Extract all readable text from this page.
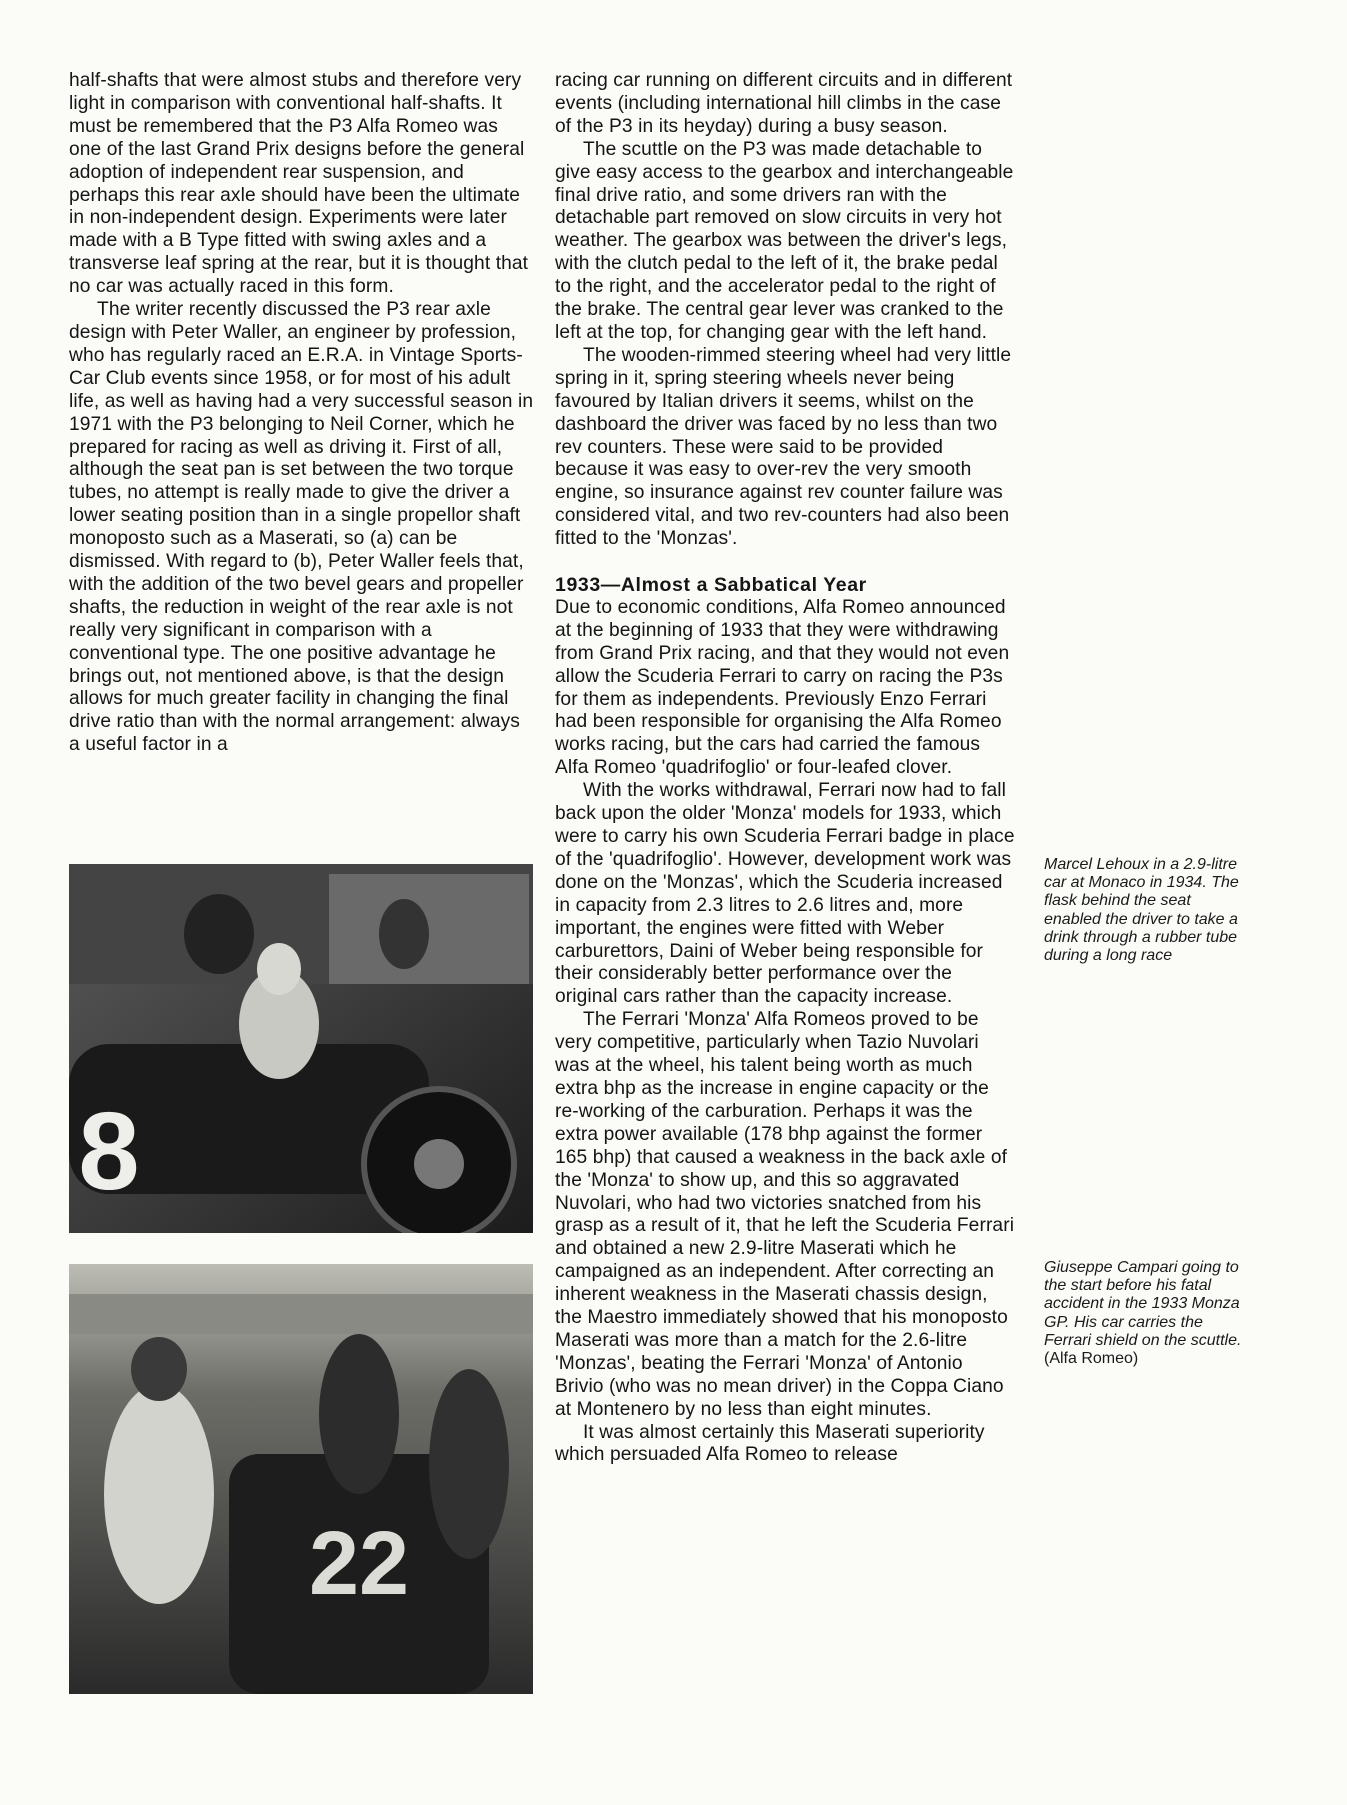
half-shafts that were almost stubs and therefore very light in comparison with conventional half-shafts. It must be remembered that the P3 Alfa Romeo was one of the last Grand Prix designs before the general adoption of independent rear suspension, and perhaps this rear axle should have been the ultimate in non-independent design. Experiments were later made with a B Type fitted with swing axles and a transverse leaf spring at the rear, but it is thought that no car was actually raced in this form.

The writer recently discussed the P3 rear axle design with Peter Waller, an engineer by profession, who has regularly raced an E.R.A. in Vintage Sports-Car Club events since 1958, or for most of his adult life, as well as having had a very successful season in 1971 with the P3 belonging to Neil Corner, which he prepared for racing as well as driving it. First of all, although the seat pan is set between the two torque tubes, no attempt is really made to give the driver a lower seating position than in a single propellor shaft monoposto such as a Maserati, so (a) can be dismissed. With regard to (b), Peter Waller feels that, with the addition of the two bevel gears and propeller shafts, the reduction in weight of the rear axle is not really very significant in comparison with a conventional type. The one positive advantage he brings out, not mentioned above, is that the design allows for much greater facility in changing the final drive ratio than with the normal arrangement: always a useful factor in a

8
22

racing car running on different circuits and in different events (including international hill climbs in the case of the P3 in its heyday) during a busy season.

The scuttle on the P3 was made detachable to give easy access to the gearbox and interchangeable final drive ratio, and some drivers ran with the detachable part removed on slow circuits in very hot weather. The gearbox was between the driver's legs, with the clutch pedal to the left of it, the brake pedal to the right, and the accelerator pedal to the right of the brake. The central gear lever was cranked to the left at the top, for changing gear with the left hand.

The wooden-rimmed steering wheel had very little spring in it, spring steering wheels never being favoured by Italian drivers it seems, whilst on the dashboard the driver was faced by no less than two rev counters. These were said to be provided because it was easy to over-rev the very smooth engine, so insurance against rev counter failure was considered vital, and two rev-counters had also been fitted to the 'Monzas'.

1933—Almost a Sabbatical Year

Due to economic conditions, Alfa Romeo announced at the beginning of 1933 that they were withdrawing from Grand Prix racing, and that they would not even allow the Scuderia Ferrari to carry on racing the P3s for them as independents. Previously Enzo Ferrari had been responsible for organising the Alfa Romeo works racing, but the cars had carried the famous Alfa Romeo 'quadrifoglio' or four-leafed clover.

With the works withdrawal, Ferrari now had to fall back upon the older 'Monza' models for 1933, which were to carry his own Scuderia Ferrari badge in place of the 'quadrifoglio'. However, development work was done on the 'Monzas', which the Scuderia increased in capacity from 2.3 litres to 2.6 litres and, more important, the engines were fitted with Weber carburettors, Daini of Weber being responsible for their considerably better performance over the original cars rather than the capacity increase.

The Ferrari 'Monza' Alfa Romeos proved to be very competitive, particularly when Tazio Nuvolari was at the wheel, his talent being worth as much extra bhp as the increase in engine capacity or the re-working of the carburation. Perhaps it was the extra power available (178 bhp against the former 165 bhp) that caused a weakness in the back axle of the 'Monza' to show up, and this so aggravated Nuvolari, who had two victories snatched from his grasp as a result of it, that he left the Scuderia Ferrari and obtained a new 2.9-litre Maserati which he campaigned as an independent. After correcting an inherent weakness in the Maserati chassis design, the Maestro immediately showed that his monoposto Maserati was more than a match for the 2.6-litre 'Monzas', beating the Ferrari 'Monza' of Antonio Brivio (who was no mean driver) in the Coppa Ciano at Montenero by no less than eight minutes.

It was almost certainly this Maserati superiority which persuaded Alfa Romeo to release

Marcel Lehoux in a 2.9-litre car at Monaco in 1934. The flask behind the seat enabled the driver to take a drink through a rubber tube during a long race
Giuseppe Campari going to the start before his fatal accident in the 1933 Monza GP. His car carries the Ferrari shield on the scuttle.
(Alfa Romeo)
